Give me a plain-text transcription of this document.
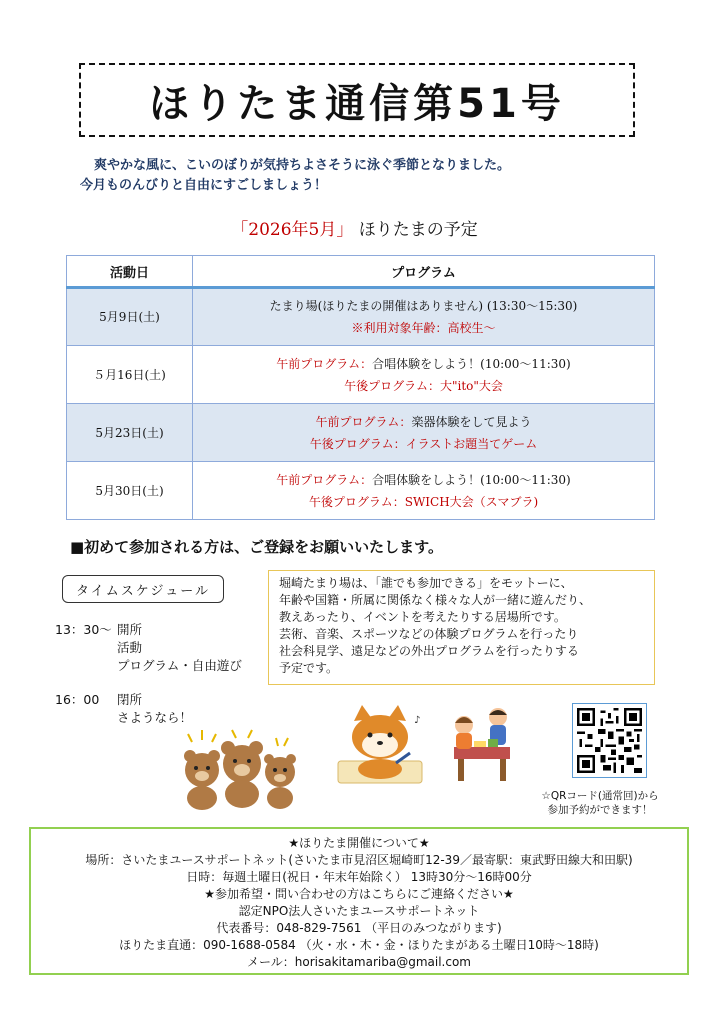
ほりたま通信第51号
爽やかな風に、こいのぼりが気持ちよさそうに泳ぐ季節となりました。
今月ものんびりと自由にすごしましょう！
「2026年5月」 ほりたまの予定
活動日	プログラム
5月9日(土)	たまり場(ほりたまの開催はありません) (13:30～15:30)
※利用対象年齢：高校生～

５月16日(土)	午前プログラム：合唱体験をしよう！(10:00～11:30)
午後プログラム：大"ito"大会

5月23日(土)	午前プログラム：楽器体験をして見よう
午後プログラム：イラストお題当てゲーム

5月30日(土)	午前プログラム：合唱体験をしよう！(10:00～11:30)
午後プログラム：SWICH大会（スマブラ)
■初めて参加される方は、ご登録をお願いいたします。
タイムスケジュール
13：30～ 開所
活動
プログラム・自由遊び
16：00	閉所
さようなら！
堀崎たまり場は、「誰でも参加できる」をモットーに、
年齢や国籍・所属に関係なく様々な人が一緒に遊んだり、
教えあったり、イベントを考えたりする居場所です。
芸術、音楽、スポーツなどの体験プログラムを行ったり
社会科見学、遠足などの外出プログラムを行ったりする
予定です。
♪
☆QRコード(通常回)から
参加予約ができます！
★ほりたま開催について★
場所：さいたまユースサポートネット(さいたま市見沼区堀崎町12-39／最寄駅：東武野田線大和田駅)
日時：毎週土曜日(祝日・年末年始除く） 13時30分～16時00分
★参加希望・問い合わせの方はこちらにご連絡ください★
認定NPO法人さいたまユースサポートネット
代表番号：048-829-7561 （平日のみつながります)
ほりたま直通：090-1688-0584 （火・水・木・金・ほりたまがある土曜日10時～18時)
メール：horisakitamariba@gmail.com
